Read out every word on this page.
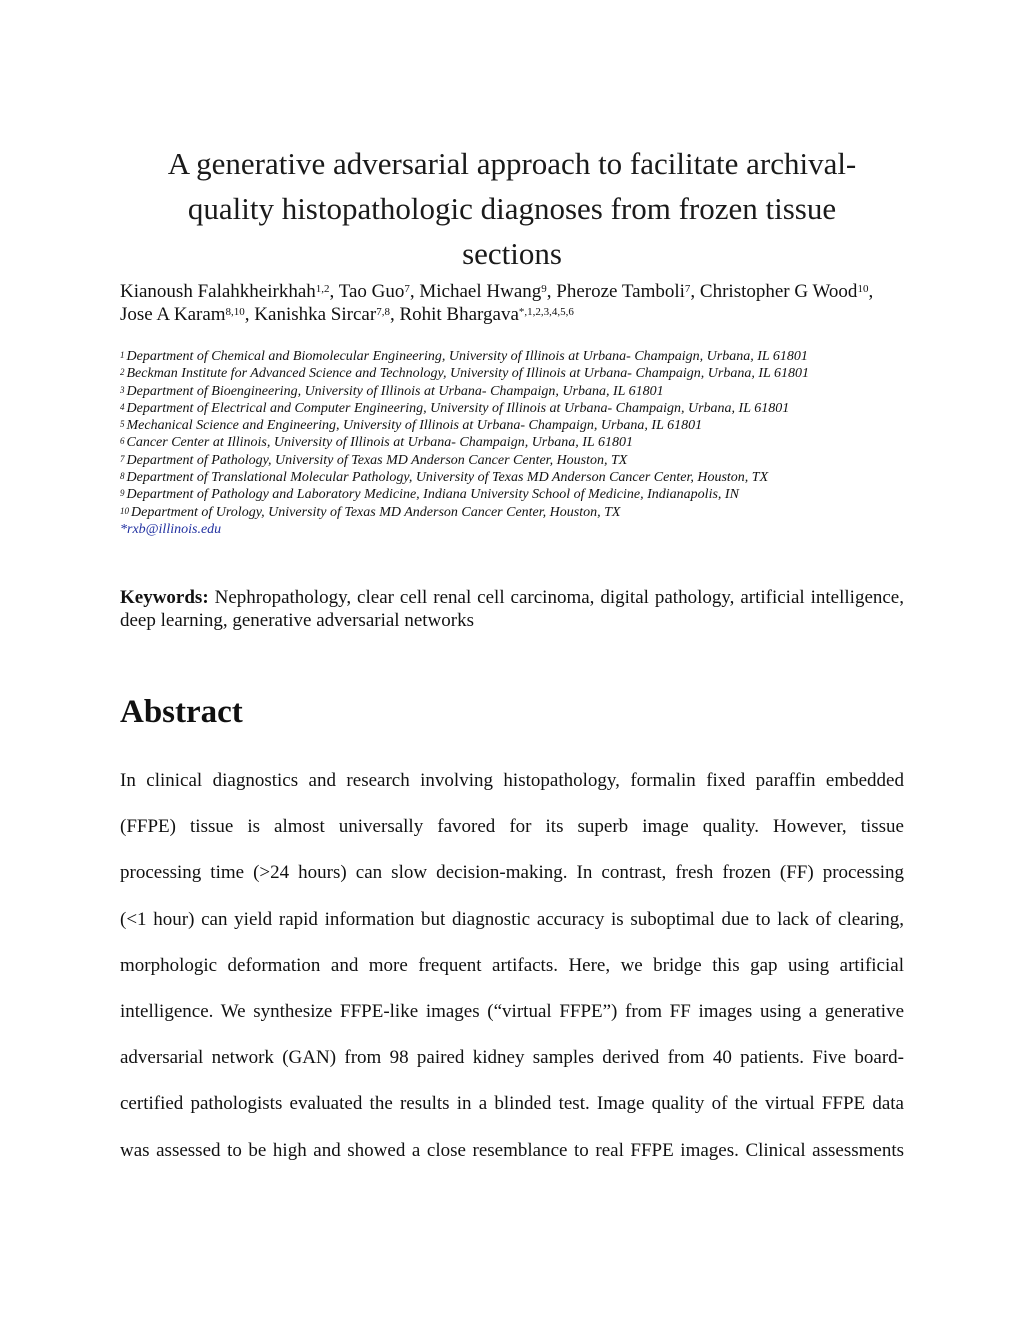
A generative adversarial approach to facilitate archival-
quality histopathologic diagnoses from frozen tissue
sections
Kianoush Falahkheirkhah$^{1,2}$, Tao Guo$^7$, Michael Hwang$^9$, Pheroze Tamboli$^7$, Christopher G Wood$^{10}$, Jose A Karam$^{8,10}$, Kanishka Sircar$^{7,8}$, Rohit Bhargava$^{*,1,2,3,4,5,6}$
$^1$ Department of Chemical and Biomolecular Engineering, University of Illinois at Urbana- Champaign, Urbana, IL 61801
$^2$ Beckman Institute for Advanced Science and Technology, University of Illinois at Urbana- Champaign, Urbana, IL 61801
$^3$ Department of Bioengineering, University of Illinois at Urbana- Champaign, Urbana, IL 61801
$^4$ Department of Electrical and Computer Engineering, University of Illinois at Urbana- Champaign, Urbana, IL 61801
$^5$ Mechanical Science and Engineering, University of Illinois at Urbana- Champaign, Urbana, IL 61801
$^6$ Cancer Center at Illinois, University of Illinois at Urbana- Champaign, Urbana, IL 61801
$^7$ Department of Pathology, University of Texas MD Anderson Cancer Center, Houston, TX
$^8$ Department of Translational Molecular Pathology, University of Texas MD Anderson Cancer Center, Houston, TX
$^9$ Department of Pathology and Laboratory Medicine, Indiana University School of Medicine, Indianapolis, IN
$^{10}$ Department of Urology, University of Texas MD Anderson Cancer Center, Houston, TX
*rxb@illinois.edu
Keywords: Nephropathology, clear cell renal cell carcinoma, digital pathology, artificial intelligence, deep learning, generative adversarial networks
Abstract
In clinical diagnostics and research involving histopathology, formalin fixed paraffin embedded
(FFPE) tissue is almost universally favored for its superb image quality. However, tissue
processing time (>24 hours) can slow decision-making. In contrast, fresh frozen (FF) processing
(<1 hour) can yield rapid information but diagnostic accuracy is suboptimal due to lack of clearing,
morphologic deformation and more frequent artifacts. Here, we bridge this gap using artificial
intelligence. We synthesize FFPE-like images (“virtual FFPE”) from FF images using a generative
adversarial network (GAN) from 98 paired kidney samples derived from 40 patients. Five board-
certified pathologists evaluated the results in a blinded test. Image quality of the virtual FFPE data
was assessed to be high and showed a close resemblance to real FFPE images. Clinical assessments
